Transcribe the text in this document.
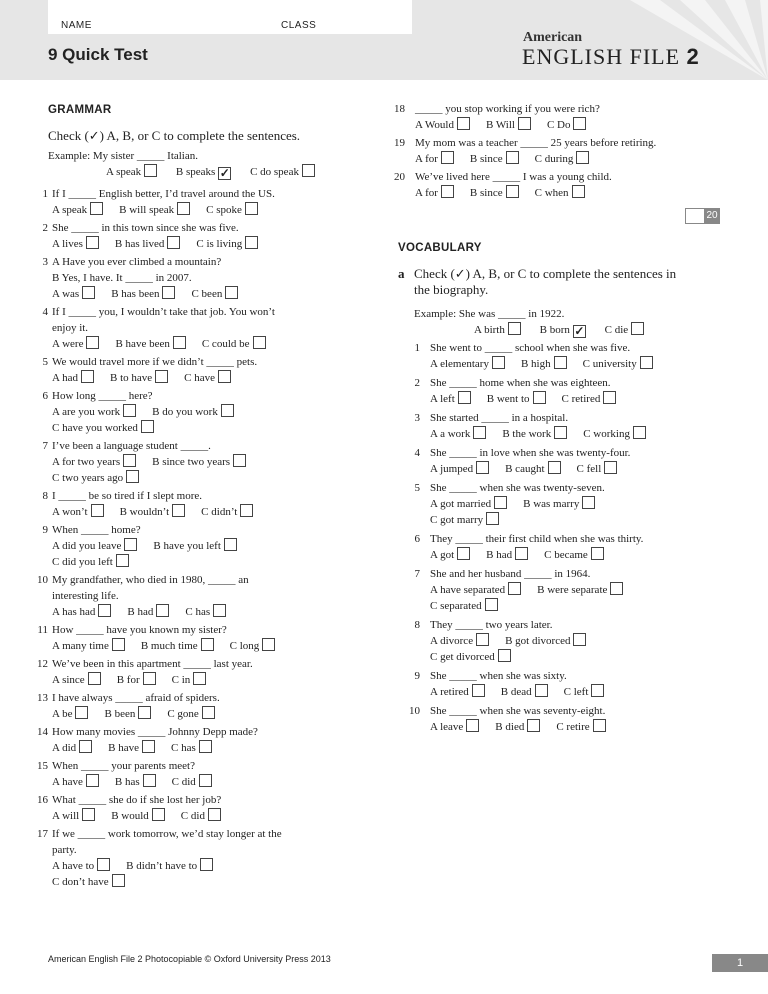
NAME	CLASS
9 Quick Test
American
ENGLISH FILE 2
GRAMMAR
Check (✓) A, B, or C to complete the sentences.
Example: My sister _____ Italian.
A speak	B speaks ✓ C do speak
1 If I _____ English better, I’d travel around the US.
A speak	B will speak	C spoke
2 She _____ in this town since she was five.
A lives	B has lived	C is living
3 A Have you ever climbed a mountain?
B Yes, I have. It _____ in 2007.
A was	B has been	C been
4 If I _____ you, I wouldn’t take that job. You won’t
enjoy it.
A were	B have been	C could be
5 We would travel more if we didn’t _____ pets.
A had	B to have	C have
6 How long _____ here?
A are you work	B do you work
C have you worked
7 I’ve been a language student _____.
A for two years	B since two years
C two years ago
8 I _____ be so tired if I slept more.
A won’t	B wouldn’t	C didn’t
9 When _____ home?
A did you leave	B have you left
C did you left
10 My grandfather, who died in 1980, _____ an
interesting life.
A has had	B had	C has
11 How _____ have you known my sister?
A many time	B much time	C long
12 We’ve been in this apartment _____ last year.
A since	B for	C in
13 I have always _____ afraid of spiders.
A be	B been	C gone
14 How many movies _____ Johnny Depp made?
A did	B have	C has
15 When _____ your parents meet?
A have	B has	C did
16 What _____ she do if she lost her job?
A will	B would	C did
17 If we _____ work tomorrow, we’d stay longer at the
party.
A have to	B didn’t have to
C don’t have
18 _____ you stop working if you were rich?
A Would	B Will	C Do
19 My mom was a teacher _____ 25 years before retiring.
A for	B since	C during
20 We’ve lived here _____ I was a young child.
A for	B since	C when
20
VOCABULARY
a Check (✓) A, B, or C to complete the sentences in
the biography.
Example: She was _____ in 1922.
A birth	B born ✓ C die
1 She went to _____ school when she was five.
A elementary	B high	C university
2 She _____ home when she was eighteen.
A left	B went to	C retired
3 She started _____ in a hospital.
A a work	B the work	C working
4 She _____ in love when she was twenty-four.
A jumped	B caught	C fell
5 She _____ when she was twenty-seven.
A got married	B was marry
C got marry
6 They _____ their first child when she was thirty.
A got	B had	C became
7 She and her husband _____ in 1964.
A have separated	B were separate
C separated
8 They _____ two years later.
A divorce	B got divorced
C get divorced
9 She _____ when she was sixty.
A retired	B dead	C left
10 She _____ when she was seventy-eight.
A leave	B died	C retire
American English File 2 Photocopiable © Oxford University Press 2013	1
